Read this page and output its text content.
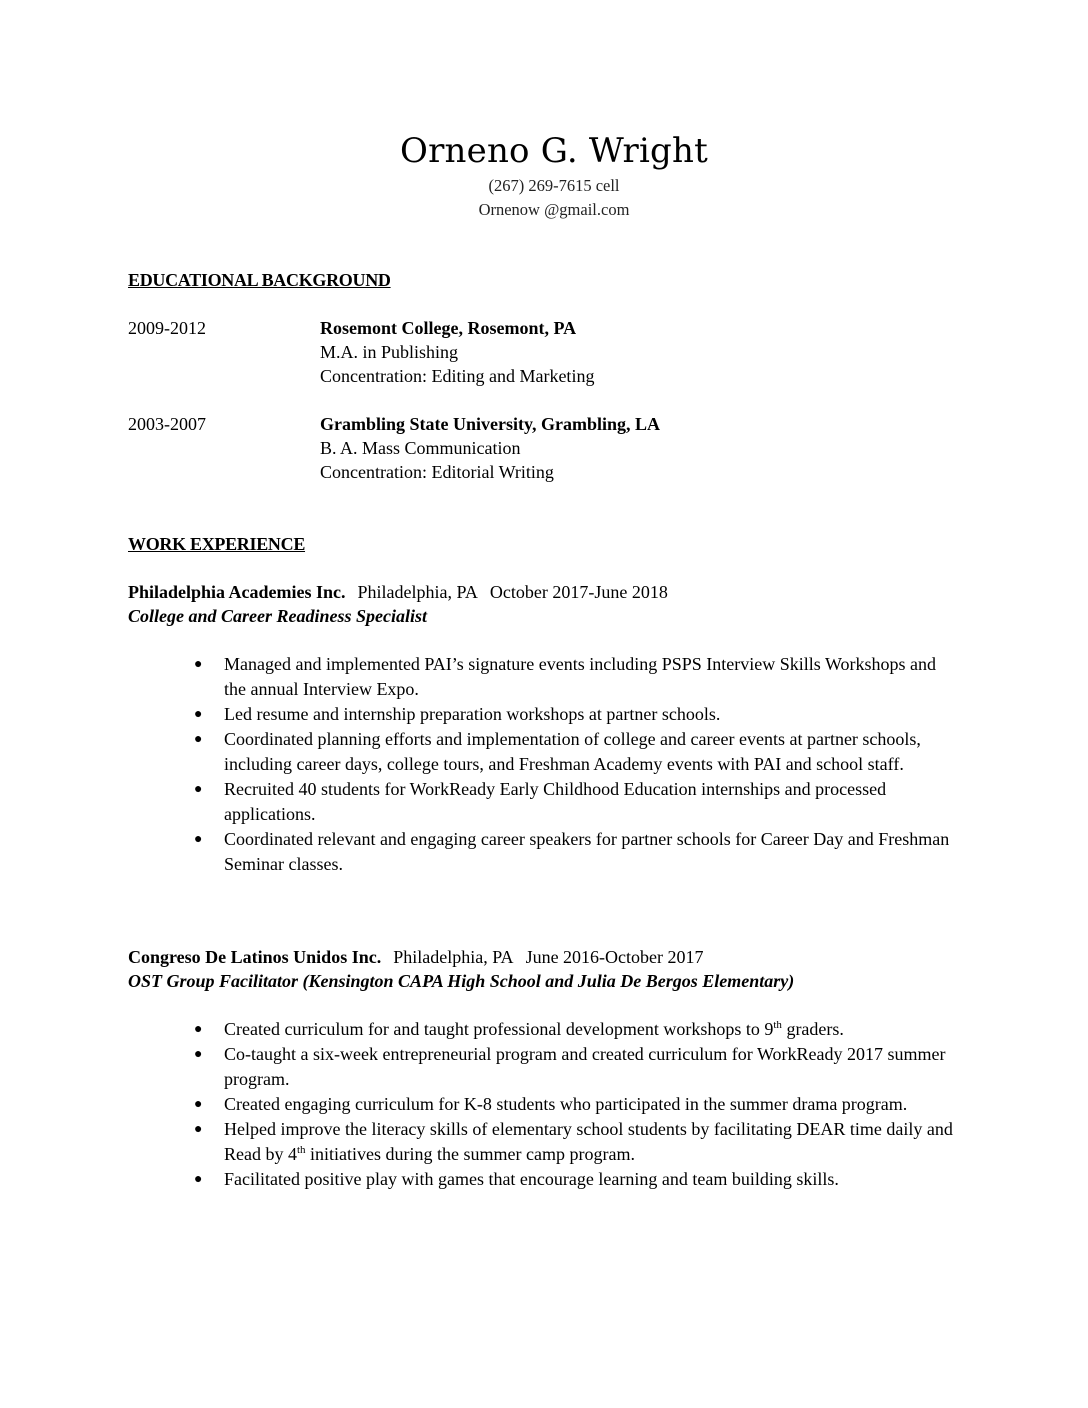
Orneno G. Wright
(267) 269-7615 cell
Ornenow @gmail.com
EDUCATIONAL BACKGROUND
2009-2012	Rosemont College, Rosemont, PA
M.A. in Publishing
Concentration: Editing and Marketing
2003-2007	Grambling State University, Grambling, LA
B. A. Mass Communication
Concentration: Editorial Writing
WORK EXPERIENCE
Philadelphia Academies Inc. Philadelphia, PA October 2017-June 2018
College and Career Readiness Specialist
● Managed and implemented PAI’s signature events including PSPS Interview Skills Workshops and the annual Interview Expo.
● Led resume and internship preparation workshops at partner schools.
● Coordinated planning efforts and implementation of college and career events at partner schools, including career days, college tours, and Freshman Academy events with PAI and school staff.
● Recruited 40 students for WorkReady Early Childhood Education internships and processed applications.
● Coordinated relevant and engaging career speakers for partner schools for Career Day and Freshman Seminar classes.
Congreso De Latinos Unidos Inc. Philadelphia, PA June 2016-October 2017
OST Group Facilitator (Kensington CAPA High School and Julia De Bergos Elementary)
● Created curriculum for and taught professional development workshops to 9th graders.
● Co-taught a six-week entrepreneurial program and created curriculum for WorkReady 2017 summer program.
● Created engaging curriculum for K-8 students who participated in the summer drama program.
● Helped improve the literacy skills of elementary school students by facilitating DEAR time daily and Read by 4th initiatives during the summer camp program.
● Facilitated positive play with games that encourage learning and team building skills.
